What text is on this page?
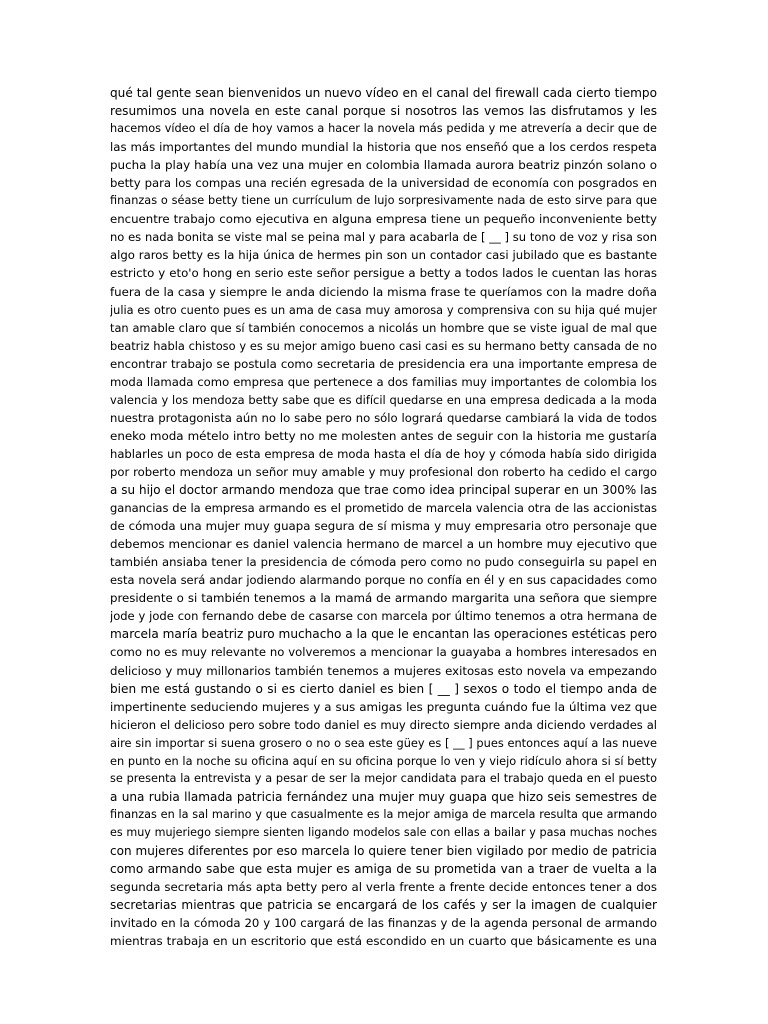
qué tal gente sean bienvenidos un nuevo vídeo en el canal del firewall cada cierto tiempo
resumimos una novela en este canal porque si nosotros las vemos las disfrutamos y les
hacemos vídeo el día de hoy vamos a hacer la novela más pedida y me atrevería a decir que de
las más importantes del mundo mundial la historia que nos enseñó que a los cerdos respeta
pucha la play había una vez una mujer en colombia llamada aurora beatriz pinzón solano o
betty para los compas una recién egresada de la universidad de economía con posgrados en
finanzas o séase betty tiene un currículum de lujo sorpresivamente nada de esto sirve para que
encuentre trabajo como ejecutiva en alguna empresa tiene un pequeño inconveniente betty
no es nada bonita se viste mal se peina mal y para acabarla de [ __ ] su tono de voz y risa son
algo raros betty es la hija única de hermes pin son un contador casi jubilado que es bastante
estricto y eto'o hong en serio este señor persigue a betty a todos lados le cuentan las horas
fuera de la casa y siempre le anda diciendo la misma frase te queríamos con la madre doña
julia es otro cuento pues es un ama de casa muy amorosa y comprensiva con su hija qué mujer
tan amable claro que sí también conocemos a nicolás un hombre que se viste igual de mal que
beatriz habla chistoso y es su mejor amigo bueno casi casi es su hermano betty cansada de no
encontrar trabajo se postula como secretaria de presidencia era una importante empresa de
moda llamada como empresa que pertenece a dos familias muy importantes de colombia los
valencia y los mendoza betty sabe que es difícil quedarse en una empresa dedicada a la moda
nuestra protagonista aún no lo sabe pero no sólo logrará quedarse cambiará la vida de todos
eneko moda mételo intro betty no me molesten antes de seguir con la historia me gustaría
hablarles un poco de esta empresa de moda hasta el día de hoy y cómoda había sido dirigida
por roberto mendoza un señor muy amable y muy profesional don roberto ha cedido el cargo
a su hijo el doctor armando mendoza que trae como idea principal superar en un 300% las
ganancias de la empresa armando es el prometido de marcela valencia otra de las accionistas
de cómoda una mujer muy guapa segura de sí misma y muy empresaria otro personaje que
debemos mencionar es daniel valencia hermano de marcel a un hombre muy ejecutivo que
también ansiaba tener la presidencia de cómoda pero como no pudo conseguirla su papel en
esta novela será andar jodiendo alarmando porque no confía en él y en sus capacidades como
presidente o si también tenemos a la mamá de armando margarita una señora que siempre
jode y jode con fernando debe de casarse con marcela por último tenemos a otra hermana de
marcela maría beatriz puro muchacho a la que le encantan las operaciones estéticas pero
como no es muy relevante no volveremos a mencionar la guayaba a hombres interesados en
delicioso y muy millonarios también tenemos a mujeres exitosas esto novela va empezando
bien me está gustando o si es cierto daniel es bien [ __ ] sexos o todo el tiempo anda de
impertinente seduciendo mujeres y a sus amigas les pregunta cuándo fue la última vez que
hicieron el delicioso pero sobre todo daniel es muy directo siempre anda diciendo verdades al
aire sin importar si suena grosero o no o sea este güey es [ __ ] pues entonces aquí a las nueve
en punto en la noche su oficina aquí en su oficina porque lo ven y viejo ridículo ahora si sí betty
se presenta la entrevista y a pesar de ser la mejor candidata para el trabajo queda en el puesto
a una rubia llamada patricia fernández una mujer muy guapa que hizo seis semestres de
finanzas en la sal marino y que casualmente es la mejor amiga de marcela resulta que armando
es muy mujeriego siempre sienten ligando modelos sale con ellas a bailar y pasa muchas noches
con mujeres diferentes por eso marcela lo quiere tener bien vigilado por medio de patricia
como armando sabe que esta mujer es amiga de su prometida van a traer de vuelta a la
segunda secretaria más apta betty pero al verla frente a frente decide entonces tener a dos
secretarias mientras que patricia se encargará de los cafés y ser la imagen de cualquier
invitado en la cómoda 20 y 100 cargará de las finanzas y de la agenda personal de armando
mientras trabaja en un escritorio que está escondido en un cuarto que básicamente es una
